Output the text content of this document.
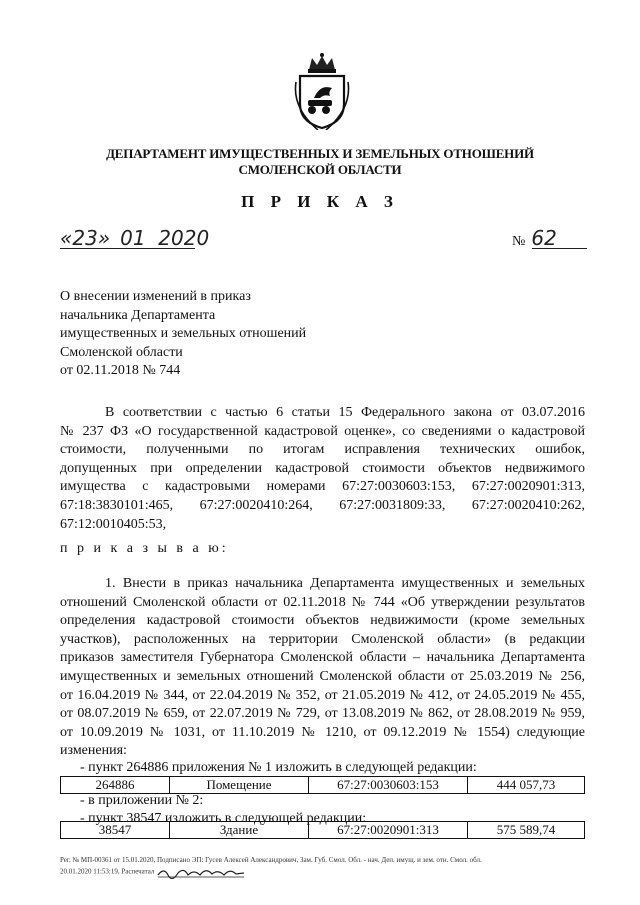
ДЕПАРТАМЕНТ ИМУЩЕСТВЕННЫХ И ЗЕМЕЛЬНЫХ ОТНОШЕНИЙ
СМОЛЕНСКОЙ ОБЛАСТИ
П Р И К А З
«23» 01  2020	№ 62
О внесении изменений в приказ
начальника Департамента
имущественных и земельных отношений
Смоленской области
от 02.11.2018 № 744
В соответствии с частью 6 статьи 15 Федерального закона от 03.07.2016
№ 237 ФЗ «О государственной кадастровой оценке», со сведениями о кадастровой
стоимости, полученными по итогам исправления технических ошибок,
допущенных при определении кадастровой стоимости объектов недвижимого
имущества с кадастровыми номерами 67:27:0030603:153, 67:27:0020901:313,
67:18:3830101:465, 67:27:0020410:264, 67:27:0031809:33, 67:27:0020410:262,
67:12:0010405:53,
п р и к а з ы в а ю:
1. Внести в приказ начальника Департамента имущественных и земельных
отношений Смоленской области от 02.11.2018 № 744 «Об утверждении результатов
определения кадастровой стоимости объектов недвижимости (кроме земельных
участков), расположенных на территории Смоленской области» (в редакции
приказов заместителя Губернатора Смоленской области – начальника Департамента
имущественных и земельных отношений Смоленской области от 25.03.2019 № 256,
от 16.04.2019 № 344, от 22.04.2019 № 352, от 21.05.2019 № 412, от 24.05.2019 № 455,
от 08.07.2019 № 659, от 22.07.2019 № 729, от 13.08.2019 № 862, от 28.08.2019 № 959,
от 10.09.2019 № 1031, от 11.10.2019 № 1210, от 09.12.2019 № 1554) следующие
изменения:
- пункт 264886 приложения № 1 изложить в следующей редакции:
264886	Помещение	67:27:0030603:153	444 057,73
- в приложении № 2:
- пункт 38547 изложить в следующей редакции:
38547	Здание	67:27:0020901:313	575 589,74
Рег. № МП-00361 от 15.01.2020, Подписано ЭП: Гусев Алексей Александрович, Зам. Губ. Смол. Обл. - нач. Деп. имущ. и зем. отн. Смол. обл.
20.01.2020 11:53:19, Распечатал
